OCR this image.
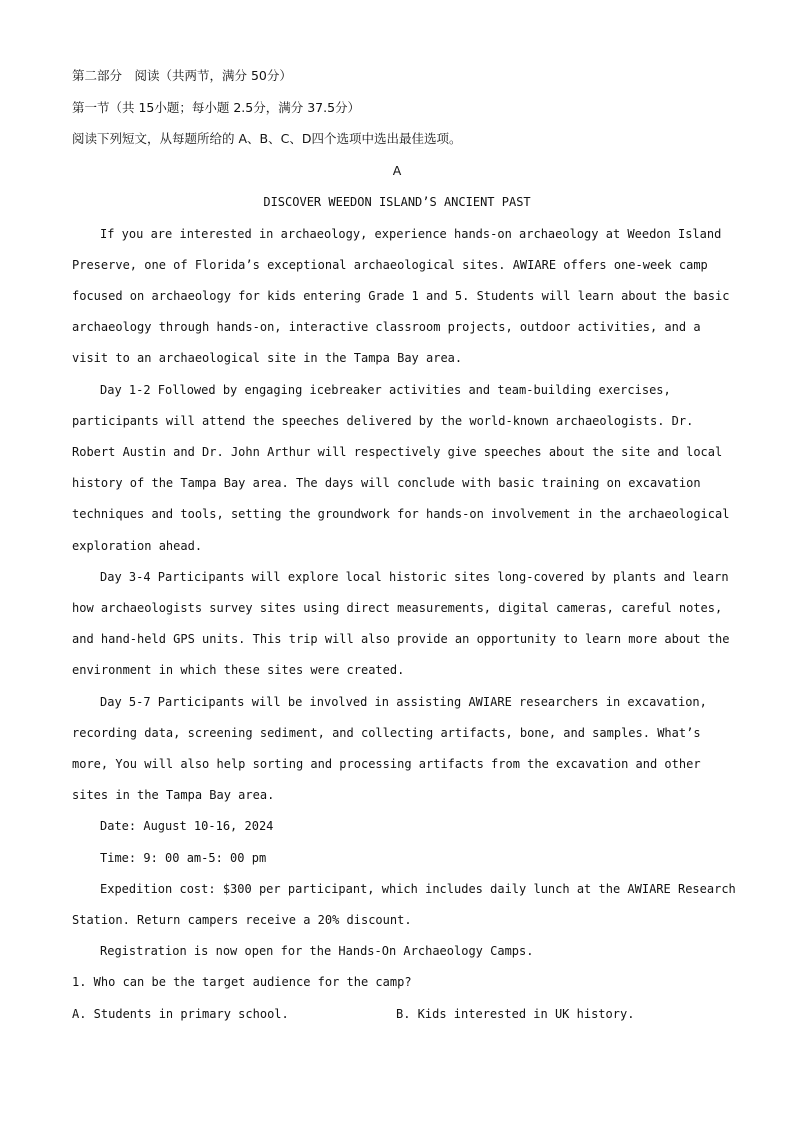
第二部分　阅读（共两节，满分 50分）
第一节（共 15小题；每小题 2.5分，满分 37.5分）
阅读下列短文，从每题所给的 A、B、C、D四个选项中选出最佳选项。
A
DISCOVER WEEDON ISLAND’S ANCIENT PAST
If you are interested in archaeology, experience hands-on archaeology at Weedon Island
Preserve, one of Florida’s exceptional archaeological sites. AWIARE offers one-week camp
focused on archaeology for kids entering Grade 1 and 5. Students will learn about the basic
archaeology through hands-on, interactive classroom projects, outdoor activities, and a
visit to an archaeological site in the Tampa Bay area.
Day 1-2 Followed by engaging icebreaker activities and team-building exercises,
participants will attend the speeches delivered by the world-known archaeologists. Dr.
Robert Austin and Dr. John Arthur will respectively give speeches about the site and local
history of the Tampa Bay area. The days will conclude with basic training on excavation
techniques and tools, setting the groundwork for hands-on involvement in the archaeological
exploration ahead.
Day 3-4 Participants will explore local historic sites long-covered by plants and learn
how archaeologists survey sites using direct measurements, digital cameras, careful notes,
and hand-held GPS units. This trip will also provide an opportunity to learn more about the
environment in which these sites were created.
Day 5-7 Participants will be involved in assisting AWIARE researchers in excavation,
recording data, screening sediment, and collecting artifacts, bone, and samples. What’s
more, You will also help sorting and processing artifacts from the excavation and other
sites in the Tampa Bay area.
Date: August 10-16, 2024
Time: 9: 00 am-5: 00 pm
Expedition cost: $300 per participant, which includes daily lunch at the AWIARE Research
Station. Return campers receive a 20% discount.
Registration is now open for the Hands-On Archaeology Camps.
1. Who can be the target audience for the camp?
A. Students in primary school.	B. Kids interested in UK history.
